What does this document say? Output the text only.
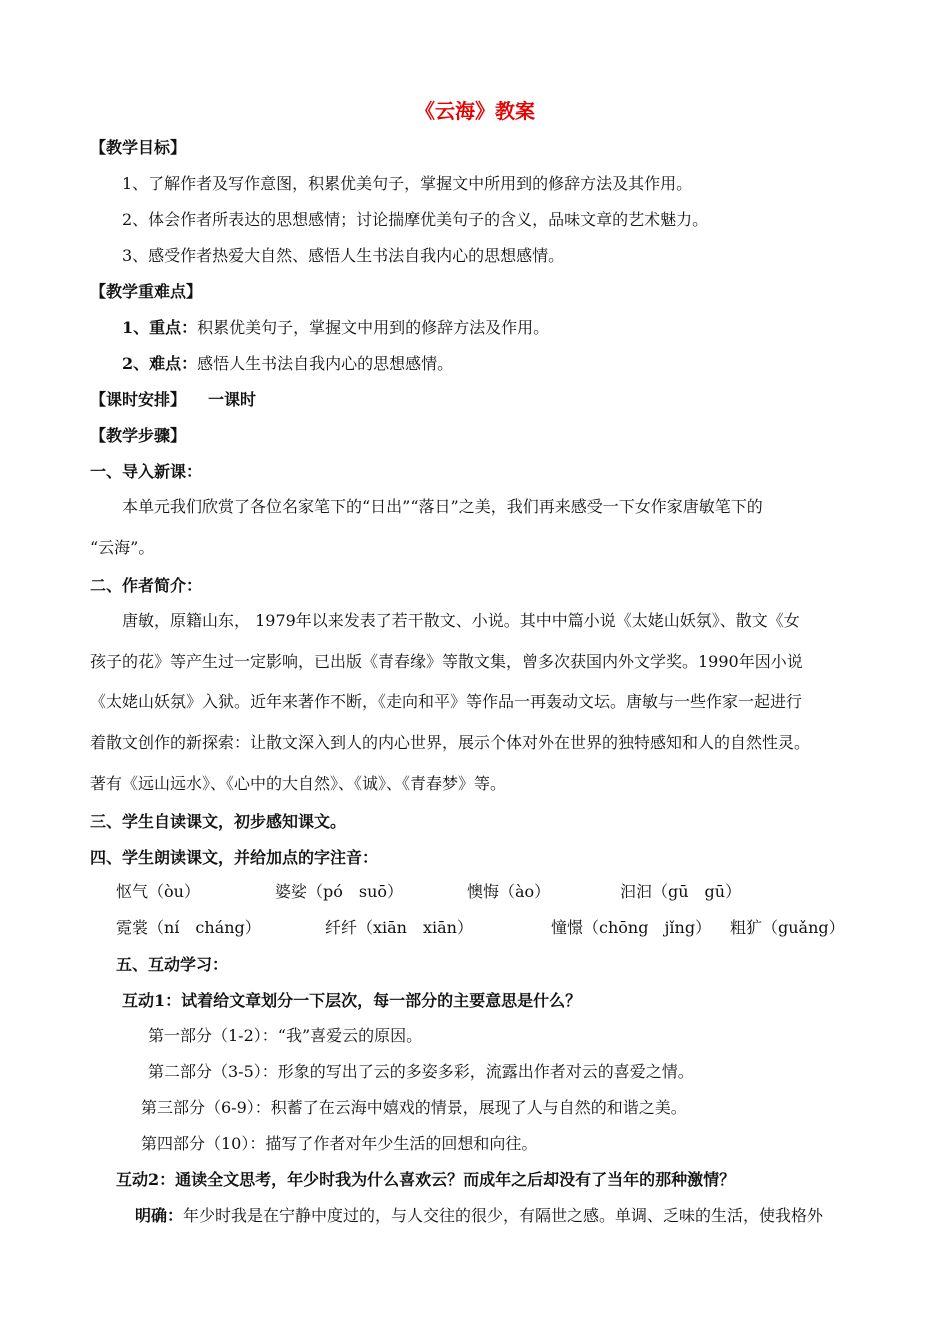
《云海》教案
【教学目标】
1、了解作者及写作意图，积累优美句子，掌握文中所用到的修辞方法及其作用。
2、体会作者所表达的思想感情；讨论揣摩优美句子的含义，品味文章的艺术魅力。
3、感受作者热爱大自然、感悟人生书法自我内心的思想感情。
【教学重难点】
1、重点：积累优美句子，掌握文中用到的修辞方法及作用。
2、难点：感悟人生书法自我内心的思想感情。
【课时安排】 一课时
【教学步骤】
一、导入新课：
本单元我们欣赏了各位名家笔下的“日出”“落日”之美，我们再来感受一下女作家唐敏笔下的
“云海”。
二、作者简介：
唐敏，原籍山东， 1979年以来发表了若干散文、小说。其中中篇小说《太姥山妖氛》、散文《女
孩子的花》等产生过一定影响，已出版《青春缘》等散文集，曾多次获国内外文学奖。1990年因小说
《太姥山妖氛》入狱。近年来著作不断，《走向和平》等作品一再轰动文坛。唐敏与一些作家一起进行
着散文创作的新探索：让散文深入到人的内心世界，展示个体对外在世界的独特感知和人的自然性灵。
著有《远山远水》、《心中的大自然》、《诚》、《青春梦》等。
三、学生自读课文，初步感知课文。
四、学生朗读课文，并给加点的字注音：
怄气（òu）	婆娑（pó　suō）	懊悔（ào）	汩汩（gū　gū）
霓裳（ní　cháng）	纤纤（xiān　xiān）	憧憬（chōng　jǐng） 粗犷（guǎng）
五、互动学习：
互动1：试着给文章划分一下层次，每一部分的主要意思是什么？
第一部分（1-2）：“我”喜爱云的原因。
第二部分（3-5）：形象的写出了云的多姿多彩，流露出作者对云的喜爱之情。
第三部分（6-9）：积蓄了在云海中嬉戏的情景，展现了人与自然的和谐之美。
第四部分（10）：描写了作者对年少生活的回想和向往。
互动2：通读全文思考，年少时我为什么喜欢云？而成年之后却没有了当年的那种激情？
明确：年少时我是在宁静中度过的，与人交往的很少，有隔世之感。单调、乏味的生活，使我格外
